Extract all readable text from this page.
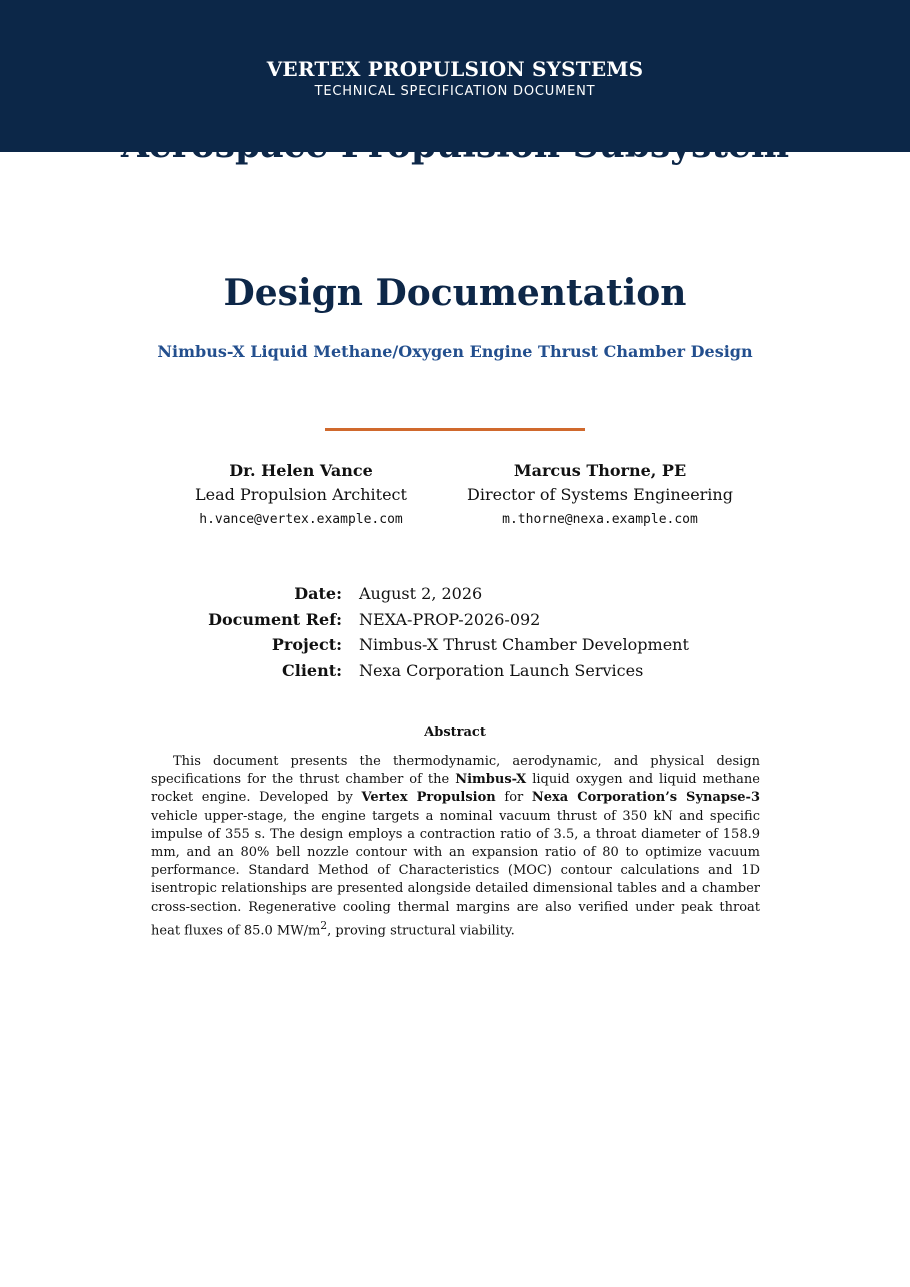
VERTEX PROPULSION SYSTEMS
TECHNICAL SPECIFICATION DOCUMENT
Design Documentation
Nimbus-X Liquid Methane/Oxygen Engine Thrust Chamber Design
Dr. Helen Vance
Lead Propulsion Architect
h.vance@vertex.example.com
Marcus Thorne, PE
Director of Systems Engineering
m.thorne@nexa.example.com
Date: August 2, 2026
Document Ref: NEXA-PROP-2026-092
Project: Nimbus-X Thrust Chamber Development
Client: Nexa Corporation Launch Services
Abstract

This document presents the thermodynamic, aerodynamic, and physical design specifications for the thrust chamber of the Nimbus-X liquid oxygen and liquid methane rocket engine. Developed by Vertex Propulsion for Nexa Corporation’s Synapse-3 vehicle upper-stage, the engine targets a nominal vacuum thrust of 350 kN and specific impulse of 355 s. The design employs a contraction ratio of 3.5, a throat diameter of 158.9 mm, and an 80% bell nozzle contour with an expansion ratio of 80 to optimize vacuum performance. Standard Method of Characteristics (MOC) contour calculations and 1D isentropic relationships are presented alongside detailed dimensional tables and a chamber cross-section. Regenerative cooling thermal margins are also verified under peak throat heat fluxes of 85.0 $MW/m^2$, proving structural viability.
